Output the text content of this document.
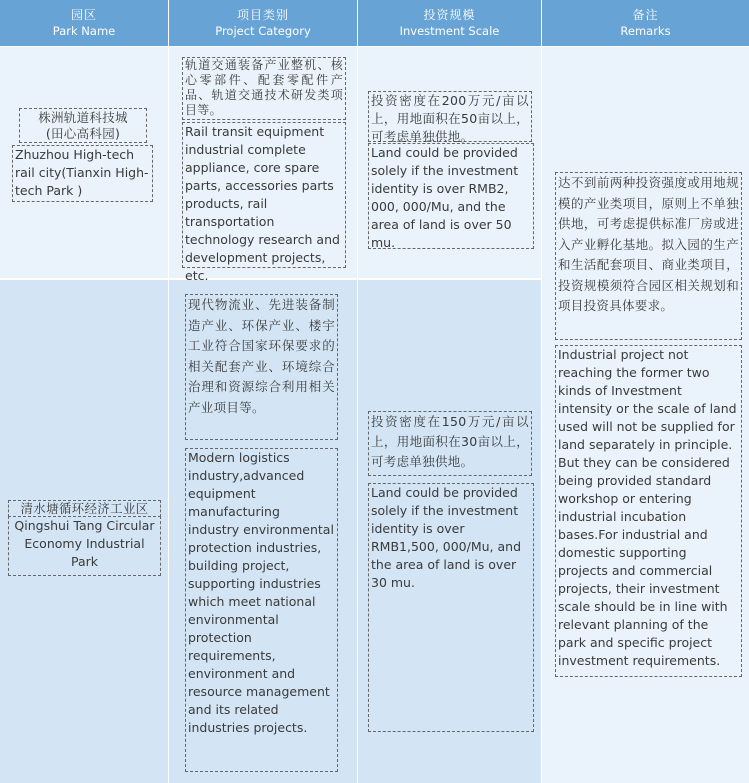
园区
Park Name
项目类别
Project Category
投资规模
Investment Scale
备注
Remarks
株洲轨道科技城
(田心高科园)
Zhuzhou High-tech rail city(Tianxin High-tech Park )
轨道交通装备产业整机、核心零部件、配套零配件产品、轨道交通技术研发类项目等。
Rail transit equipment industrial complete appliance, core spare parts, accessories parts products, rail transportation technology research and development projects, etc.
投资密度在200万元/亩以上，用地面积在50亩以上，可考虑单独供地。
Land could be provided solely if the investment identity is over RMB2, 000, 000/Mu, and the area of land is over 50 mu.
清水塘循环经济工业区
Qingshui Tang Circular Economy Industrial Park
现代物流业、先进装备制造产业、环保产业、楼宇工业符合国家环保要求的相关配套产业、环境综合治理和资源综合利用相关产业项目等。
Modern logistics industry,advanced equipment manufacturing industry environmental protection industries, building project, supporting industries which meet national environmental protection requirements, environment and resource management and its related industries projects.
投资密度在150万元/亩以上，用地面积在30亩以上，可考虑单独供地。
Land could be provided solely if the investment identity is over RMB1,500, 000/Mu, and the area of land is over 30 mu.
达不到前两种投资强度或用地规模的产业类项目，原则上不单独供地，可考虑提供标准厂房或进入产业孵化基地。拟入园的生产和生活配套项目、商业类项目，投资规模须符合园区相关规划和项目投资具体要求。
Industrial project not reaching the former two kinds of Investment intensity or the scale of land used will not be supplied for land separately in principle. But they can be considered being provided standard workshop or entering industrial incubation bases.For industrial and domestic supporting projects and commercial projects, their investment scale should be in line with relevant planning of the park and specific project investment requirements.
